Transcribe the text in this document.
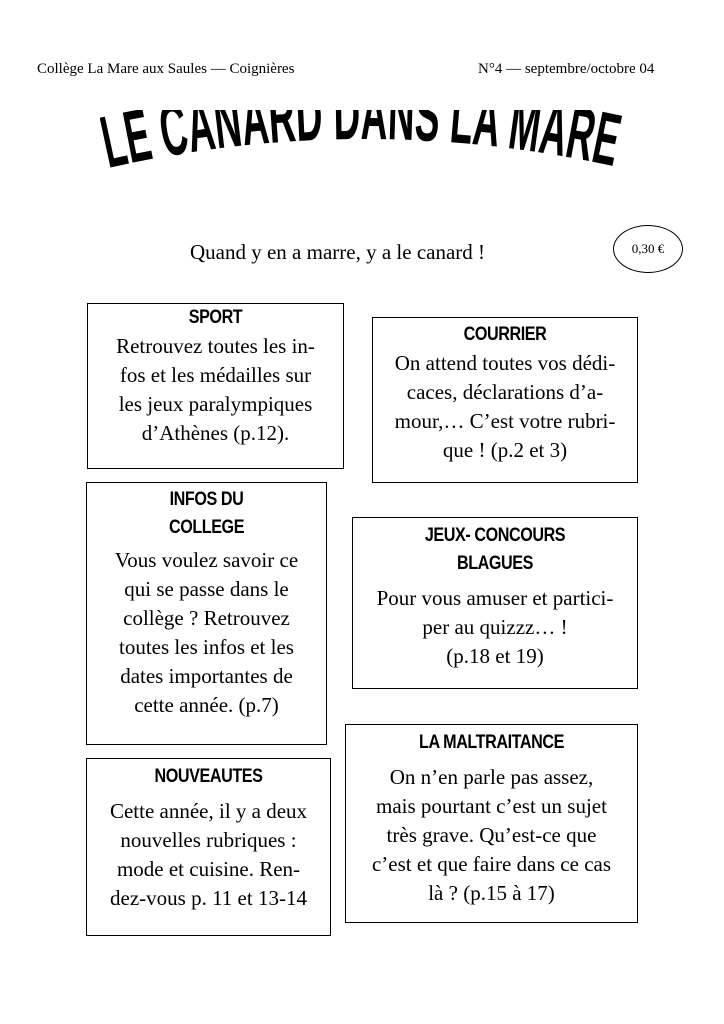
Collège La Mare aux Saules — Coignières	N°4 — septembre/octobre 04
LE CANARD DANS LA MAR
Quand y en a marre, y a le canard !	0,30 €
SPORT
Retrouvez toutes les in-
fos et les médailles sur
les jeux paralympiques
d’Athènes (p.12).
COURRIER
On attend toutes vos dédi-
caces, déclarations d’a-
mour,… C’est votre rubri-
que ! (p.2 et 3)
INFOS DU
COLLEGE
Vous voulez savoir ce
qui se passe dans le
collège ? Retrouvez
toutes les infos et les
dates importantes de
cette année. (p.7)
JEUX- CONCOURS
BLAGUES
Pour vous amuser et partici-
per au quizzz… !
(p.18 et 19)
LA MALTRAITANCE
On n’en parle pas assez,
mais pourtant c’est un sujet
très grave. Qu’est-ce que
c’est et que faire dans ce cas
là ? (p.15 à 17)
NOUVEAUTES
Cette année, il y a deux
nouvelles rubriques :
mode et cuisine. Ren-
dez-vous p. 11 et 13-14
